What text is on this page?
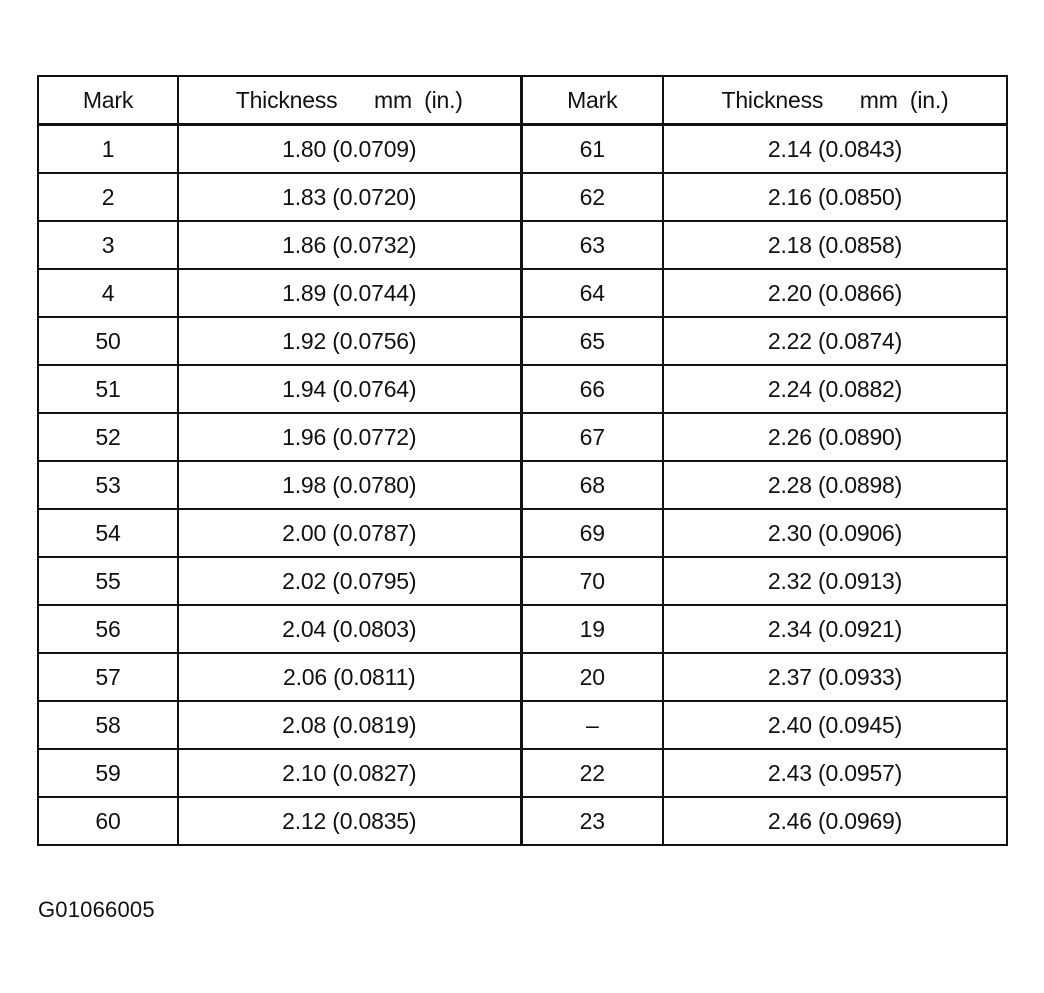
Mark	Thickness   mm (in.)	Mark	Thickness   mm (in.)
1	1.80 (0.0709)	61	2.14 (0.0843)
2	1.83 (0.0720)	62	2.16 (0.0850)
3	1.86 (0.0732)	63	2.18 (0.0858)
4	1.89 (0.0744)	64	2.20 (0.0866)
50	1.92 (0.0756)	65	2.22 (0.0874)
51	1.94 (0.0764)	66	2.24 (0.0882)
52	1.96 (0.0772)	67	2.26 (0.0890)
53	1.98 (0.0780)	68	2.28 (0.0898)
54	2.00 (0.0787)	69	2.30 (0.0906)
55	2.02 (0.0795)	70	2.32 (0.0913)
56	2.04 (0.0803)	19	2.34 (0.0921)
57	2.06 (0.0811)	20	2.37 (0.0933)
58	2.08 (0.0819)	–	2.40 (0.0945)
59	2.10 (0.0827)	22	2.43 (0.0957)
60	2.12 (0.0835)	23	2.46 (0.0969)
G01066005
